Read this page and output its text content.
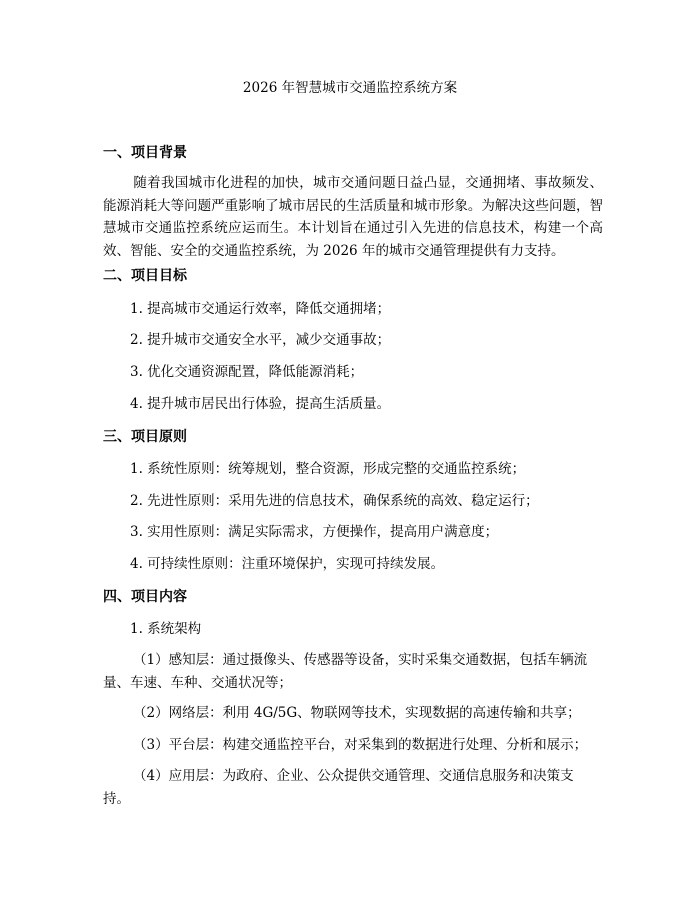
2026 年智慧城市交通监控系统方案
一、项目背景

随着我国城市化进程的加快，城市交通问题日益凸显，交通拥堵、事故频发、能源消耗大等问题严重影响了城市居民的生活质量和城市形象。为解决这些问题，智慧城市交通监控系统应运而生。本计划旨在通过引入先进的信息技术，构建一个高效、智能、安全的交通监控系统，为 2026 年的城市交通管理提供有力支持。

二、项目目标
1. 提高城市交通运行效率，降低交通拥堵；
2. 提升城市交通安全水平，减少交通事故；
3. 优化交通资源配置，降低能源消耗；
4. 提升城市居民出行体验，提高生活质量。
三、项目原则
1. 系统性原则：统筹规划，整合资源，形成完整的交通监控系统；
2. 先进性原则：采用先进的信息技术，确保系统的高效、稳定运行；
3. 实用性原则：满足实际需求，方便操作，提高用户满意度；
4. 可持续性原则：注重环境保护，实现可持续发展。
四、项目内容
1. 系统架构

（1）感知层：通过摄像头、传感器等设备，实时采集交通数据，包括车辆流量、车速、车种、交通状况等；

（2）网络层：利用 4G/5G、物联网等技术，实现数据的高速传输和共享；

（3）平台层：构建交通监控平台，对采集到的数据进行处理、分析和展示；

（4）应用层：为政府、企业、公众提供交通管理、交通信息服务和决策支持。
